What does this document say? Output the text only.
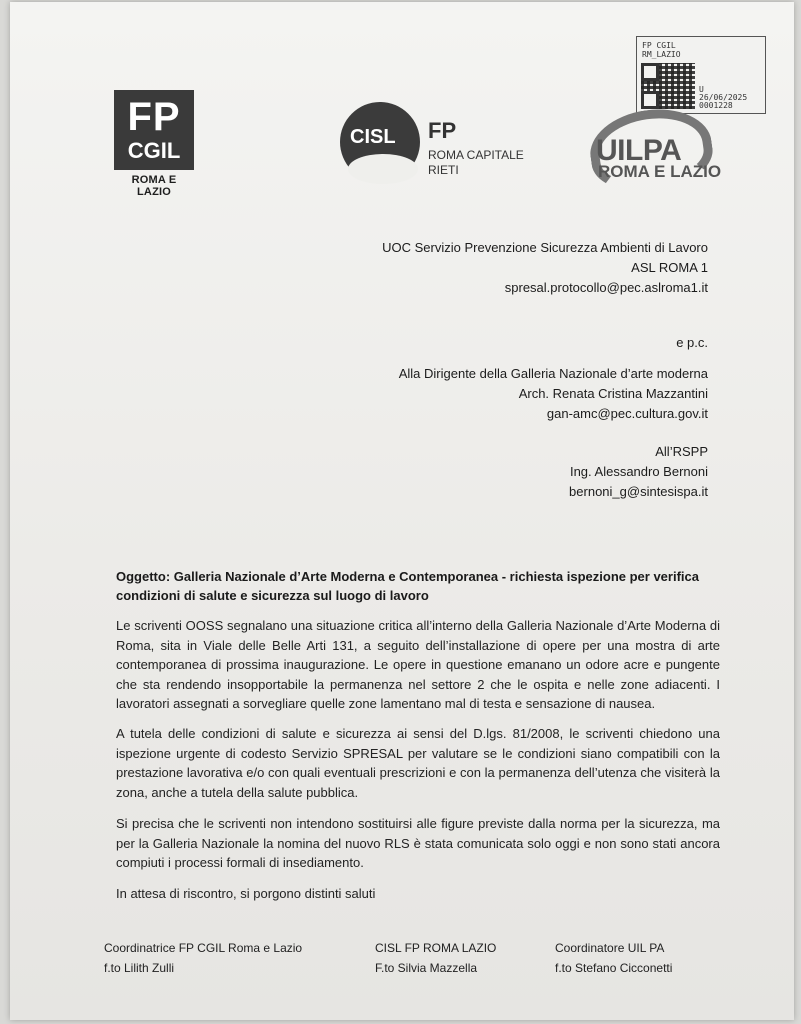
FP CGIL
RM_LAZIO
U
26/06/2025
0001228
FP
CGIL
ROMA E LAZIO
CISL FP
ROMA CAPITALE
RIETI
UILPA
ROMA E LAZIO
UOC Servizio Prevenzione Sicurezza Ambienti di Lavoro
ASL ROMA 1
spresal.protocollo@pec.aslroma1.it
e p.c.
Alla Dirigente della Galleria Nazionale d’arte moderna
Arch. Renata Cristina Mazzantini
gan-amc@pec.cultura.gov.it
All’RSPP
Ing. Alessandro Bernoni
bernoni_g@sintesispa.it
Oggetto: Galleria Nazionale d’Arte Moderna e Contemporanea - richiesta ispezione per verifica condizioni di salute e sicurezza sul luogo di lavoro
Le scriventi OOSS segnalano una situazione critica all’interno della Galleria Nazionale d’Arte Moderna di Roma, sita in Viale delle Belle Arti 131, a seguito dell’installazione di opere per una mostra di arte contemporanea di prossima inaugurazione. Le opere in questione emanano un odore acre e pungente che sta rendendo insopportabile la permanenza nel settore 2 che le ospita e nelle zone adiacenti. I lavoratori assegnati a sorvegliare quelle zone lamentano mal di testa e sensazione di nausea.
A tutela delle condizioni di salute e sicurezza ai sensi del D.lgs. 81/2008, le scriventi chiedono una ispezione urgente di codesto Servizio SPRESAL per valutare se le condizioni siano compatibili con la prestazione lavorativa e/o con quali eventuali prescrizioni e con la permanenza dell’utenza che visiterà la zona, anche a tutela della salute pubblica.
Si precisa che le scriventi non intendono sostituirsi alle figure previste dalla norma per la sicurezza, ma per la Galleria Nazionale la nomina del nuovo RLS è stata comunicata solo oggi e non sono stati ancora compiuti i processi formali di insediamento.
In attesa di riscontro, si porgono distinti saluti
Coordinatrice FP CGIL Roma e Lazio
f.to Lilith Zulli
CISL FP ROMA LAZIO
F.to Silvia Mazzella
Coordinatore UIL PA
f.to Stefano Cicconetti
